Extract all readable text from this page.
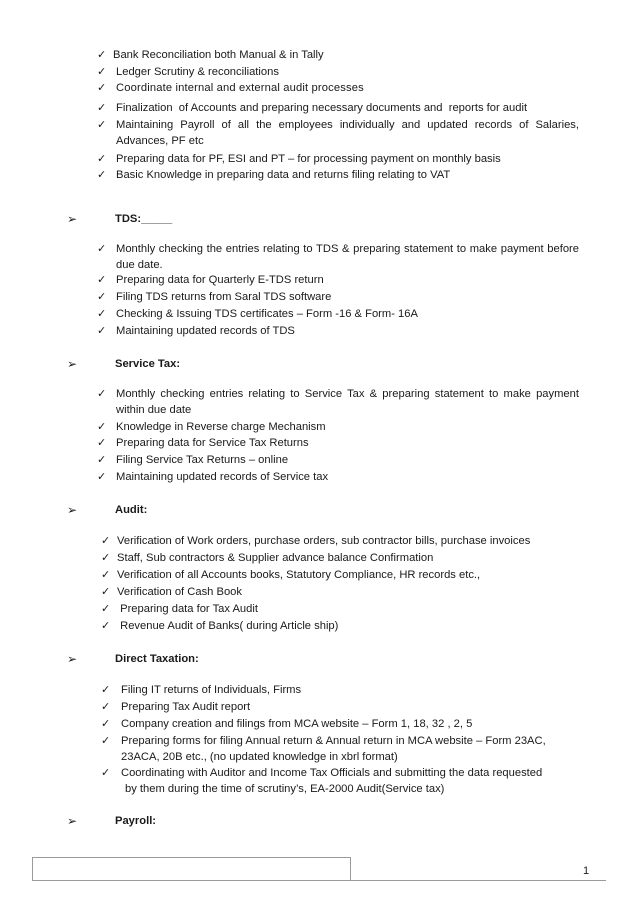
✓ Bank Reconciliation both Manual & in Tally
✓ Ledger Scrutiny & reconciliations
✓ Coordinate internal and external audit processes
✓ Finalization  of Accounts and preparing necessary documents and  reports for audit
✓ Maintaining Payroll of all the employees individually and updated records of Salaries, Advances, PF etc
✓ Preparing data for PF, ESI and PT – for processing payment on monthly basis
✓ Basic Knowledge in preparing data and returns filing relating to VAT
➢	TDS:_____
✓ Monthly checking the entries relating to TDS & preparing statement to make payment before due date.
✓ Preparing data for Quarterly E-TDS return
✓ Filing TDS returns from Saral TDS software
✓ Checking & Issuing TDS certificates – Form -16 & Form- 16A
✓ Maintaining updated records of TDS
➢	Service Tax:
✓ Monthly checking entries relating to Service Tax & preparing statement to make payment within due date
✓ Knowledge in Reverse charge Mechanism
✓ Preparing data for Service Tax Returns
✓ Filing Service Tax Returns – online
✓ Maintaining updated records of Service tax
➢	Audit:
✓ Verification of Work orders, purchase orders, sub contractor bills, purchase invoices
✓ Staff, Sub contractors & Supplier advance balance Confirmation
✓ Verification of all Accounts books, Statutory Compliance, HR records etc.,
✓ Verification of Cash Book
✓ Preparing data for Tax Audit
✓ Revenue Audit of Banks( during Article ship)
➢	Direct Taxation:
✓ Filing IT returns of Individuals, Firms
✓ Preparing Tax Audit report
✓ Company creation and filings from MCA website – Form 1, 18, 32 , 2, 5
✓ Preparing forms for filing Annual return & Annual return in MCA website – Form 23AC,
23ACA, 20B etc., (no updated knowledge in xbrl format)
✓ Coordinating with Auditor and Income Tax Officials and submitting the data requested
by them during the time of scrutiny’s, EA-2000 Audit(Service tax)
➢	Payroll:
1
